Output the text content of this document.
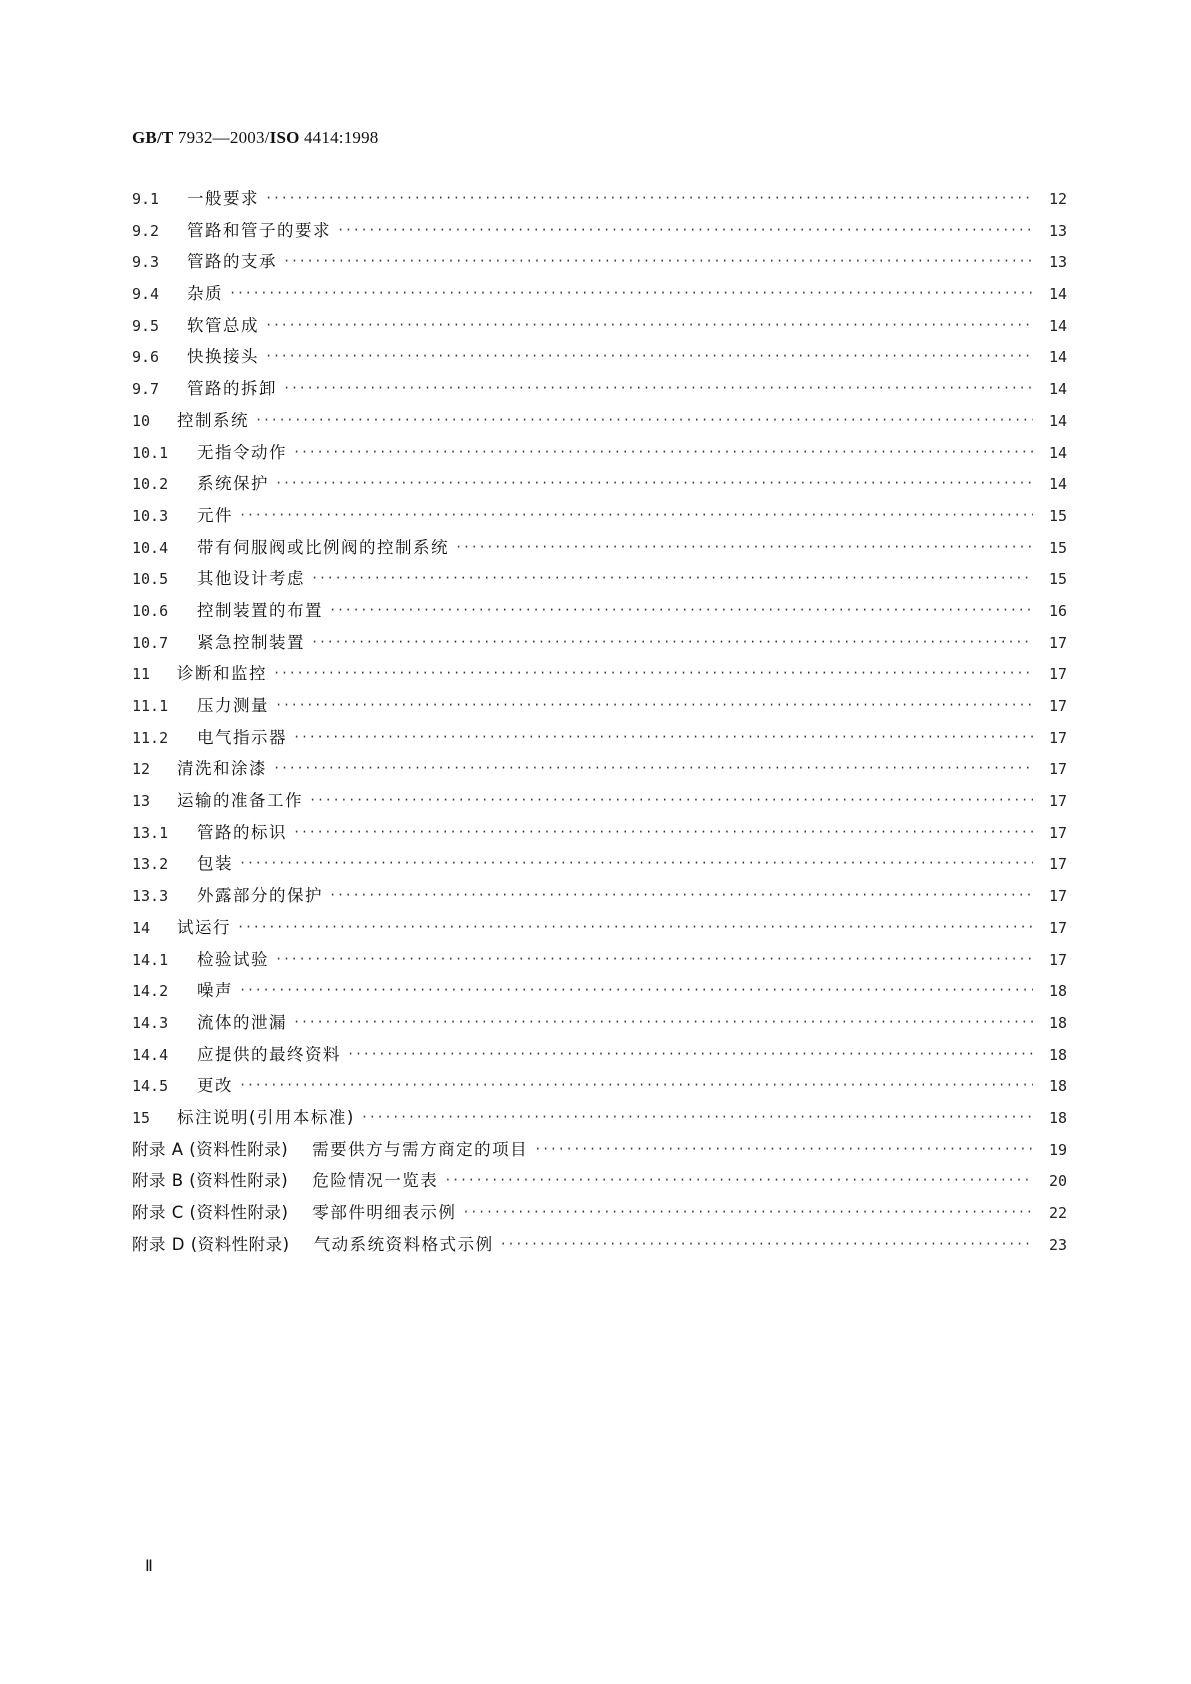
GB/T 7932—2003/ISO 4414:1998
9.1	一般要求 ·····	12
9.2	管路和管子的要求 ·····	13
9.3	管路的支承 ·····	13
9.4	杂质 ·····	14
9.5	软管总成 ·····	14
9.6	快换接头 ·····	14
9.7	管路的拆卸 ·····	14
10	控制系统 ·····	14
10.1	无指令动作 ·····	14
10.2	系统保护 ·····	14
10.3	元件 ·····	15
10.4	带有伺服阀或比例阀的控制系统 ·····	15
10.5	其他设计考虑 ·····	15
10.6	控制装置的布置 ·····	16
10.7	紧急控制装置 ·····	17
11	诊断和监控 ·····	17
11.1	压力测量 ·····	17
11.2	电气指示器 ·····	17
12	清洗和涂漆 ·····	17
13	运输的准备工作 ·····	17
13.1	管路的标识 ·····	17
13.2	包装 ·····	17
13.3	外露部分的保护 ·····	17
14	试运行 ·····	17
14.1	检验试验 ·····	17
14.2	噪声 ·····	18
14.3	流体的泄漏 ·····	18
14.4	应提供的最终资料 ·····	18
14.5	更改 ·····	18
15	标注说明(引用本标准) ·····	18
附录 A (资料性附录) 需要供方与需方商定的项目 ·····	19
附录 B (资料性附录) 危险情况一览表 ·····	20
附录 C (资料性附录) 零部件明细表示例 ·····	22
附录 D (资料性附录) 气动系统资料格式示例 ·····	23
Ⅱ
